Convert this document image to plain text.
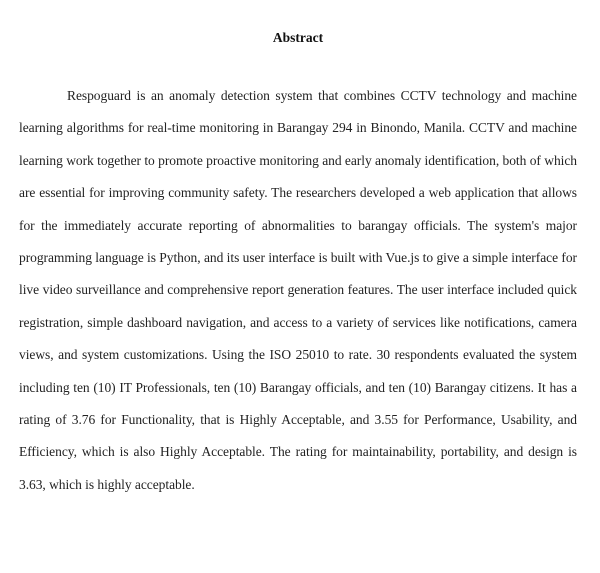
Abstract

Respoguard is an anomaly detection system that combines CCTV technology and machine learning algorithms for real-time monitoring in Barangay 294 in Binondo, Manila. CCTV and machine learning work together to promote proactive monitoring and early anomaly identification, both of which are essential for improving community safety. The researchers developed a web application that allows for the immediately accurate reporting of abnormalities to barangay officials. The system's major programming language is Python, and its user interface is built with Vue.js to give a simple interface for live video surveillance and comprehensive report generation features. The user interface included quick registration, simple dashboard navigation, and access to a variety of services like notifications, camera views, and system customizations. Using the ISO 25010 to rate. 30 respondents evaluated the system including ten (10) IT Professionals, ten (10) Barangay officials, and ten (10) Barangay citizens. It has a rating of 3.76 for Functionality, that is Highly Acceptable, and 3.55 for Performance, Usability, and Efficiency, which is also Highly Acceptable. The rating for maintainability, portability, and design is 3.63, which is highly acceptable.
